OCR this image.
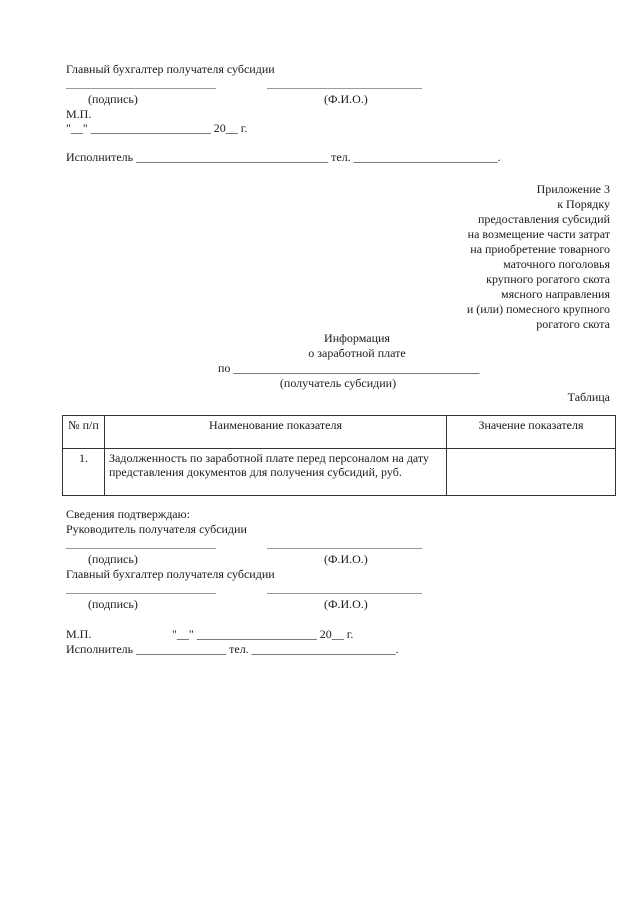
Главный бухгалтер получателя субсидии
(подпись)	(Ф.И.О.)
М.П.
"__" ____________________ 20__ г.
Исполнитель ________________________________ тел. ________________________.
Приложение 3
к Порядку
предоставления субсидий
на возмещение части затрат
на приобретение товарного
маточного поголовья
крупного рогатого скота
мясного направления
и (или) помесного крупного
рогатого скота
Информация
о заработной плате
по _________________________________________
(получатель субсидии)
Таблица
№ п/п	Наименование показателя	Значение показателя
1.	Задолженность по заработной плате перед персоналом на дату представления документов для получения субсидий, руб.	
Сведения подтверждаю:
Руководитель получателя субсидии
(подпись)	(Ф.И.О.)
Главный бухгалтер получателя субсидии
(подпись)	(Ф.И.О.)
М.П.	"__" ____________________ 20__ г.
Исполнитель _______________ тел. ________________________.
